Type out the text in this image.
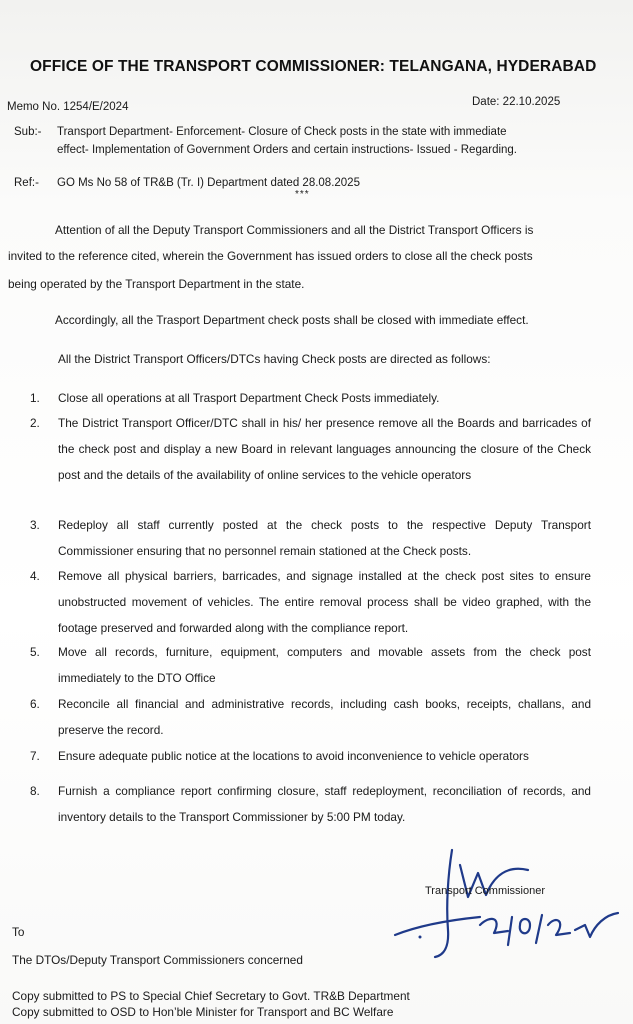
OFFICE OF THE TRANSPORT COMMISSIONER: TELANGANA, HYDERABAD
Memo No. 1254/E/2024	Date: 22.10.2025
Sub:- Transport Department- Enforcement- Closure of Check posts in the state with immediate
effect- Implementation of Government Orders and certain instructions- Issued - Regarding.
Ref:- GO Ms No 58 of TR&B (Tr. I) Department dated 28.08.2025
***
Attention of all the Deputy Transport Commissioners and all the District Transport Officers is
invited to the reference cited, wherein the Government has issued orders to close all the check posts
being operated by the Transport Department in the state.
Accordingly, all the Trasport Department check posts shall be closed with immediate effect.
All the District Transport Officers/DTCs having Check posts are directed as follows:
1.	Close all operations at all Trasport Department Check Posts immediately.
2.	The District Transport Officer/DTC shall in his/ her presence remove all the Boards and barricades of the check post and display a new Board in relevant languages announcing the closure of the Check post and the details of the availability of online services to the vehicle operators
3.	Redeploy all staff currently posted at the check posts to the respective Deputy Transport Commissioner ensuring that no personnel remain stationed at the Check posts.
4.	Remove all physical barriers, barricades, and signage installed at the check post sites to ensure unobstructed movement of vehicles. The entire removal process shall be video graphed, with the footage preserved and forwarded along with the compliance report.
5.	Move all records, furniture, equipment, computers and movable assets from the check post immediately to the DTO Office
6.	Reconcile all financial and administrative records, including cash books, receipts, challans, and preserve the record.
7.	Ensure adequate public notice at the locations to avoid inconvenience to vehicle operators
8.	Furnish a compliance report confirming closure, staff redeployment, reconciliation of records, and inventory details to the Transport Commissioner by 5:00 PM today.
Transport Commissioner
To
The DTOs/Deputy Transport Commissioners concerned
Copy submitted to PS to Special Chief Secretary to Govt. TR&B Department
Copy submitted to OSD to Hon’ble Minister for Transport and BC Welfare
